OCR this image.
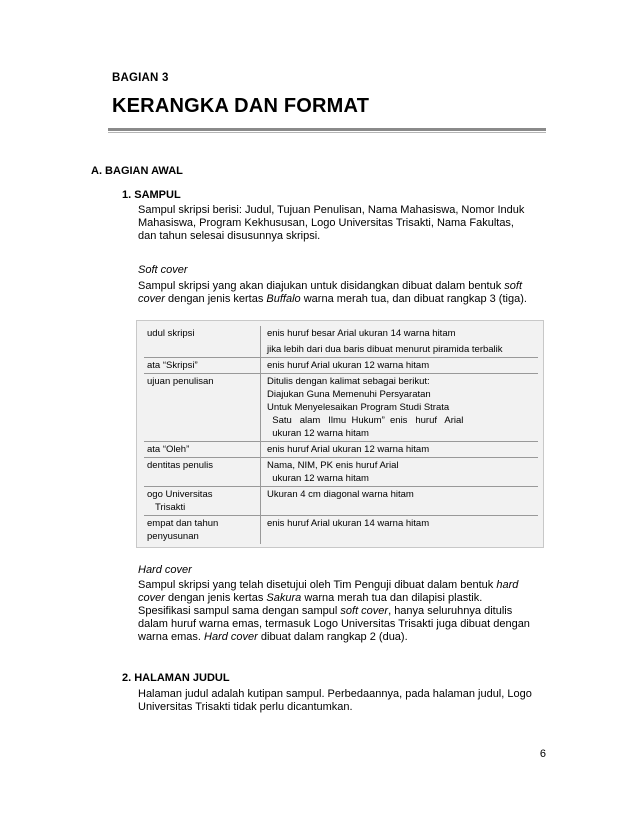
BAGIAN 3
KERANGKA DAN FORMAT
A. BAGIAN AWAL
1. SAMPUL
Sampul skripsi berisi: Judul, Tujuan Penulisan, Nama Mahasiswa, Nomor Induk
Mahasiswa, Program Kekhususan, Logo Universitas Trisakti, Nama Fakultas,
dan tahun selesai disusunnya skripsi.
Soft cover
Sampul skripsi yang akan diajukan untuk disidangkan dibuat dalam bentuk soft
cover dengan jenis kertas Buffalo warna merah tua, dan dibuat rangkap 3 (tiga).
udul skripsi	enis huruf besar Arial ukuran 14 warna hitam
jika lebih dari dua baris dibuat menurut piramida terbalik

ata “Skripsi”	enis huruf Arial ukuran 12 warna hitam

ujuan penulisan	Ditulis dengan kalimat sebagai berikut:
Diajukan Guna Memenuhi Persyaratan
Untuk Menyelesaikan Program Studi Strata
Satu   alam   Ilmu  Hukum”  enis   huruf   Arial
ukuran 12 warna hitam

ata “Oleh”	enis huruf Arial ukuran 12 warna hitam

dentitas penulis	Nama, NIM, PK enis huruf Arial
ukuran 12 warna hitam

ogo Universitas
Trisakti	Ukuran 4 cm diagonal warna hitam

empat dan tahun
penyusunan	enis huruf Arial ukuran 14 warna hitam
Hard cover
Sampul skripsi yang telah disetujui oleh Tim Penguji dibuat dalam bentuk hard
cover dengan jenis kertas Sakura warna merah tua dan dilapisi plastik.
Spesifikasi sampul sama dengan sampul soft cover, hanya seluruhnya ditulis
dalam huruf warna emas, termasuk Logo Universitas Trisakti juga dibuat dengan
warna emas. Hard cover dibuat dalam rangkap 2 (dua).
2. HALAMAN JUDUL
Halaman judul adalah kutipan sampul. Perbedaannya, pada halaman judul, Logo
Universitas Trisakti tidak perlu dicantumkan.
6
